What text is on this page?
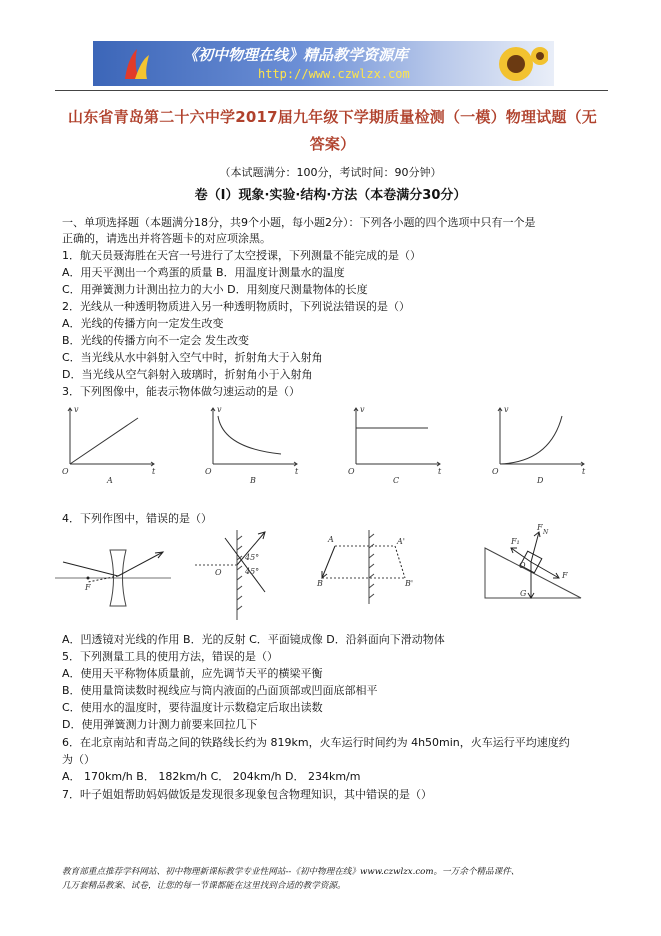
《初中物理在线》精品教学资源库
http://www.czwlzx.com
山东省青岛第二十六中学2017届九年级下学期质量检测（一模）物理试题（无
答案）
（本试题满分：100分，考试时间：90分钟）
卷（Ⅰ）现象·实验·结构·方法（本卷满分30分）
一、单项选择题（本题满分18分，共9个小题，每小题2分）：下列各小题的四个选项中只有一个是
正确的，请选出并将答题卡的对应项涂黑。
1．航天员聂海胜在天宫一号进行了太空授课，下列测量不能完成的是（）
A．用天平测出一个鸡蛋的质量 B．用温度计测量水的温度
C．用弹簧测力计测出拉力的大小 D．用刻度尺测量物体的长度
2．光线从一种透明物质进入另一种透明物质时，下列说法错误的是（）
A．光线的传播方向一定发生改变
B．光线的传播方向不一定会 发生改变
C．当光线从水中斜射入空气中时，折射角大于入射角
D．当光线从空气斜射入玻璃时，折射角小于入射角
3．下列图像中，能表示物体做匀速运动的是（）
v
t
O
A
v
t
O
B
v
t
O
C
v
t
O
D
4．下列作图中，错误的是（）
F
O
45°
45°
A	A'
B	B'
F₁
F
N
O
F
G
A．凹透镜对光线的作用 B．光的反射 C．平面镜成像 D．沿斜面向下滑动物体
5．下列测量工具的使用方法，错误的是（）
A．使用天平称物体质量前，应先调节天平的横梁平衡
B．使用量筒读数时视线应与筒内液面的凸面顶部或凹面底部相平
C．使用水的温度时，要待温度计示数稳定后取出读数
D．使用弹簧测力计测力前要来回拉几下
6．在北京南站和青岛之间的铁路线长约为 819km，火车运行时间约为 4h50min，火车运行平均速度约
为（）
A． 170km/h B． 182km/h C． 204km/h D． 234km/m
7．叶子姐姐帮助妈妈做饭是发现很多现象包含物理知识，其中错误的是（）
教育部重点推荐学科网站、初中物理新课标教学专业性网站--《初中物理在线》www.czwlzx.com。一万余个精品课件、
几万套精品教案、试卷，让您的每一节课都能在这里找到合适的教学资源。
